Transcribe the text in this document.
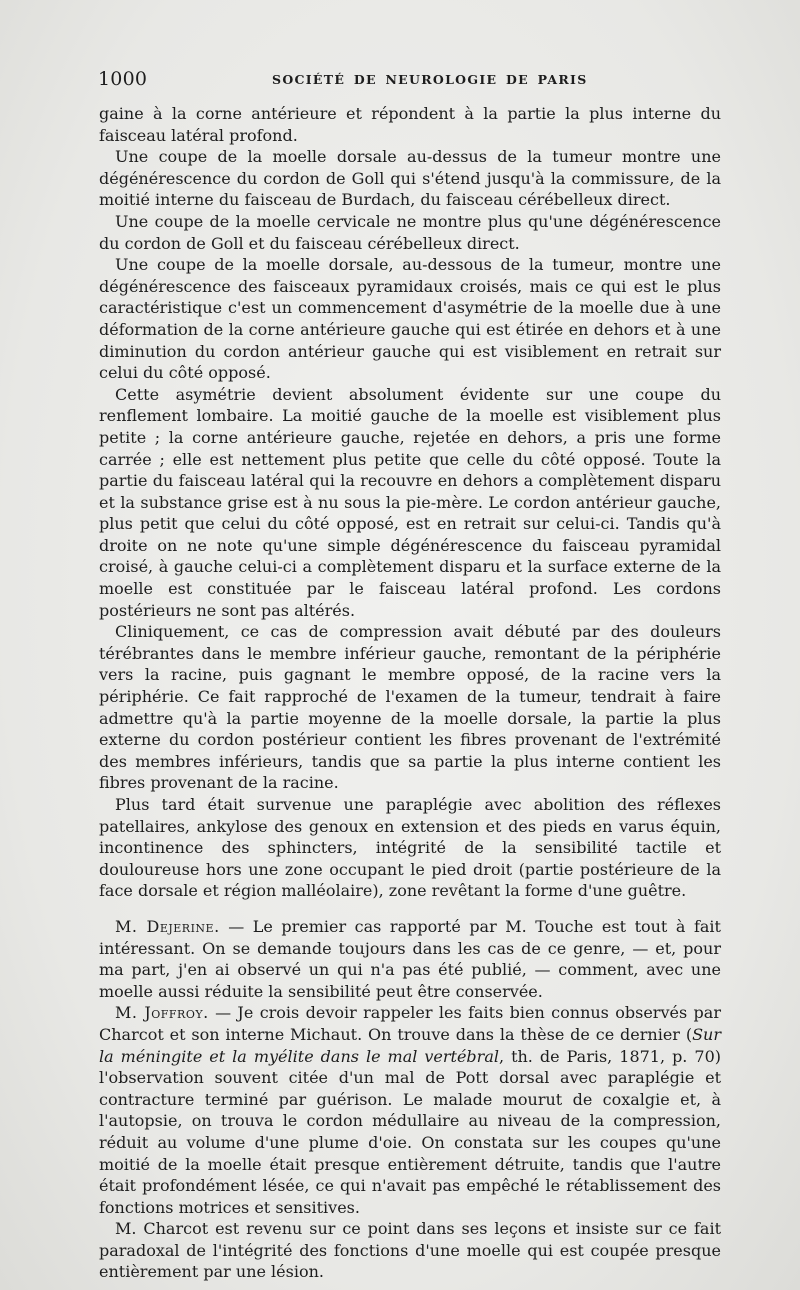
1000	SOCIÉTÉ DE NEUROLOGIE DE PARIS

gaine à la corne antérieure et répondent à la partie la plus interne du faisceau latéral profond.

Une coupe de la moelle dorsale au-dessus de la tumeur montre une dégénérescence du cordon de Goll qui s'étend jusqu'à la commissure, de la moitié interne du faisceau de Burdach, du faisceau cérébelleux direct.

Une coupe de la moelle cervicale ne montre plus qu'une dégénérescence du cordon de Goll et du faisceau cérébelleux direct.

Une coupe de la moelle dorsale, au-dessous de la tumeur, montre une dégénérescence des faisceaux pyramidaux croisés, mais ce qui est le plus caractéristique c'est un commencement d'asymétrie de la moelle due à une déformation de la corne antérieure gauche qui est étirée en dehors et à une diminution du cordon antérieur gauche qui est visiblement en retrait sur celui du côté opposé.

Cette asymétrie devient absolument évidente sur une coupe du renflement lombaire. La moitié gauche de la moelle est visiblement plus petite ; la corne antérieure gauche, rejetée en dehors, a pris une forme carrée ; elle est nettement plus petite que celle du côté opposé. Toute la partie du faisceau latéral qui la recouvre en dehors a complètement disparu et la substance grise est à nu sous la pie-mère. Le cordon antérieur gauche, plus petit que celui du côté opposé, est en retrait sur celui-ci. Tandis qu'à droite on ne note qu'une simple dégénérescence du faisceau pyramidal croisé, à gauche celui-ci a complètement disparu et la surface externe de la moelle est constituée par le faisceau latéral profond. Les cordons postérieurs ne sont pas altérés.

Cliniquement, ce cas de compression avait débuté par des douleurs térébrantes dans le membre inférieur gauche, remontant de la périphérie vers la racine, puis gagnant le membre opposé, de la racine vers la périphérie. Ce fait rapproché de l'examen de la tumeur, tendrait à faire admettre qu'à la partie moyenne de la moelle dorsale, la partie la plus externe du cordon postérieur contient les fibres provenant de l'extrémité des membres inférieurs, tandis que sa partie la plus interne contient les fibres provenant de la racine.

Plus tard était survenue une paraplégie avec abolition des réflexes patellaires, ankylose des genoux en extension et des pieds en varus équin, incontinence des sphincters, intégrité de la sensibilité tactile et douloureuse hors une zone occupant le pied droit (partie postérieure de la face dorsale et région malléolaire), zone revêtant la forme d'une guêtre.

M. Dejerine. — Le premier cas rapporté par M. Touche est tout à fait intéressant. On se demande toujours dans les cas de ce genre, — et, pour ma part, j'en ai observé un qui n'a pas été publié, — comment, avec une moelle aussi réduite la sensibilité peut être conservée.

M. Joffroy. — Je crois devoir rappeler les faits bien connus observés par Charcot et son interne Michaut. On trouve dans la thèse de ce dernier (Sur la méningite et la myélite dans le mal vertébral, th. de Paris, 1871, p. 70) l'observation souvent citée d'un mal de Pott dorsal avec paraplégie et contracture terminé par guérison. Le malade mourut de coxalgie et, à l'autopsie, on trouva le cordon médullaire au niveau de la compression, réduit au volume d'une plume d'oie. On constata sur les coupes qu'une moitié de la moelle était presque entièrement détruite, tandis que l'autre était profondément lésée, ce qui n'avait pas empêché le rétablissement des fonctions motrices et sensitives.

M. Charcot est revenu sur ce point dans ses leçons et insiste sur ce fait paradoxal de l'intégrité des fonctions d'une moelle qui est coupée presque entièrement par une lésion.
